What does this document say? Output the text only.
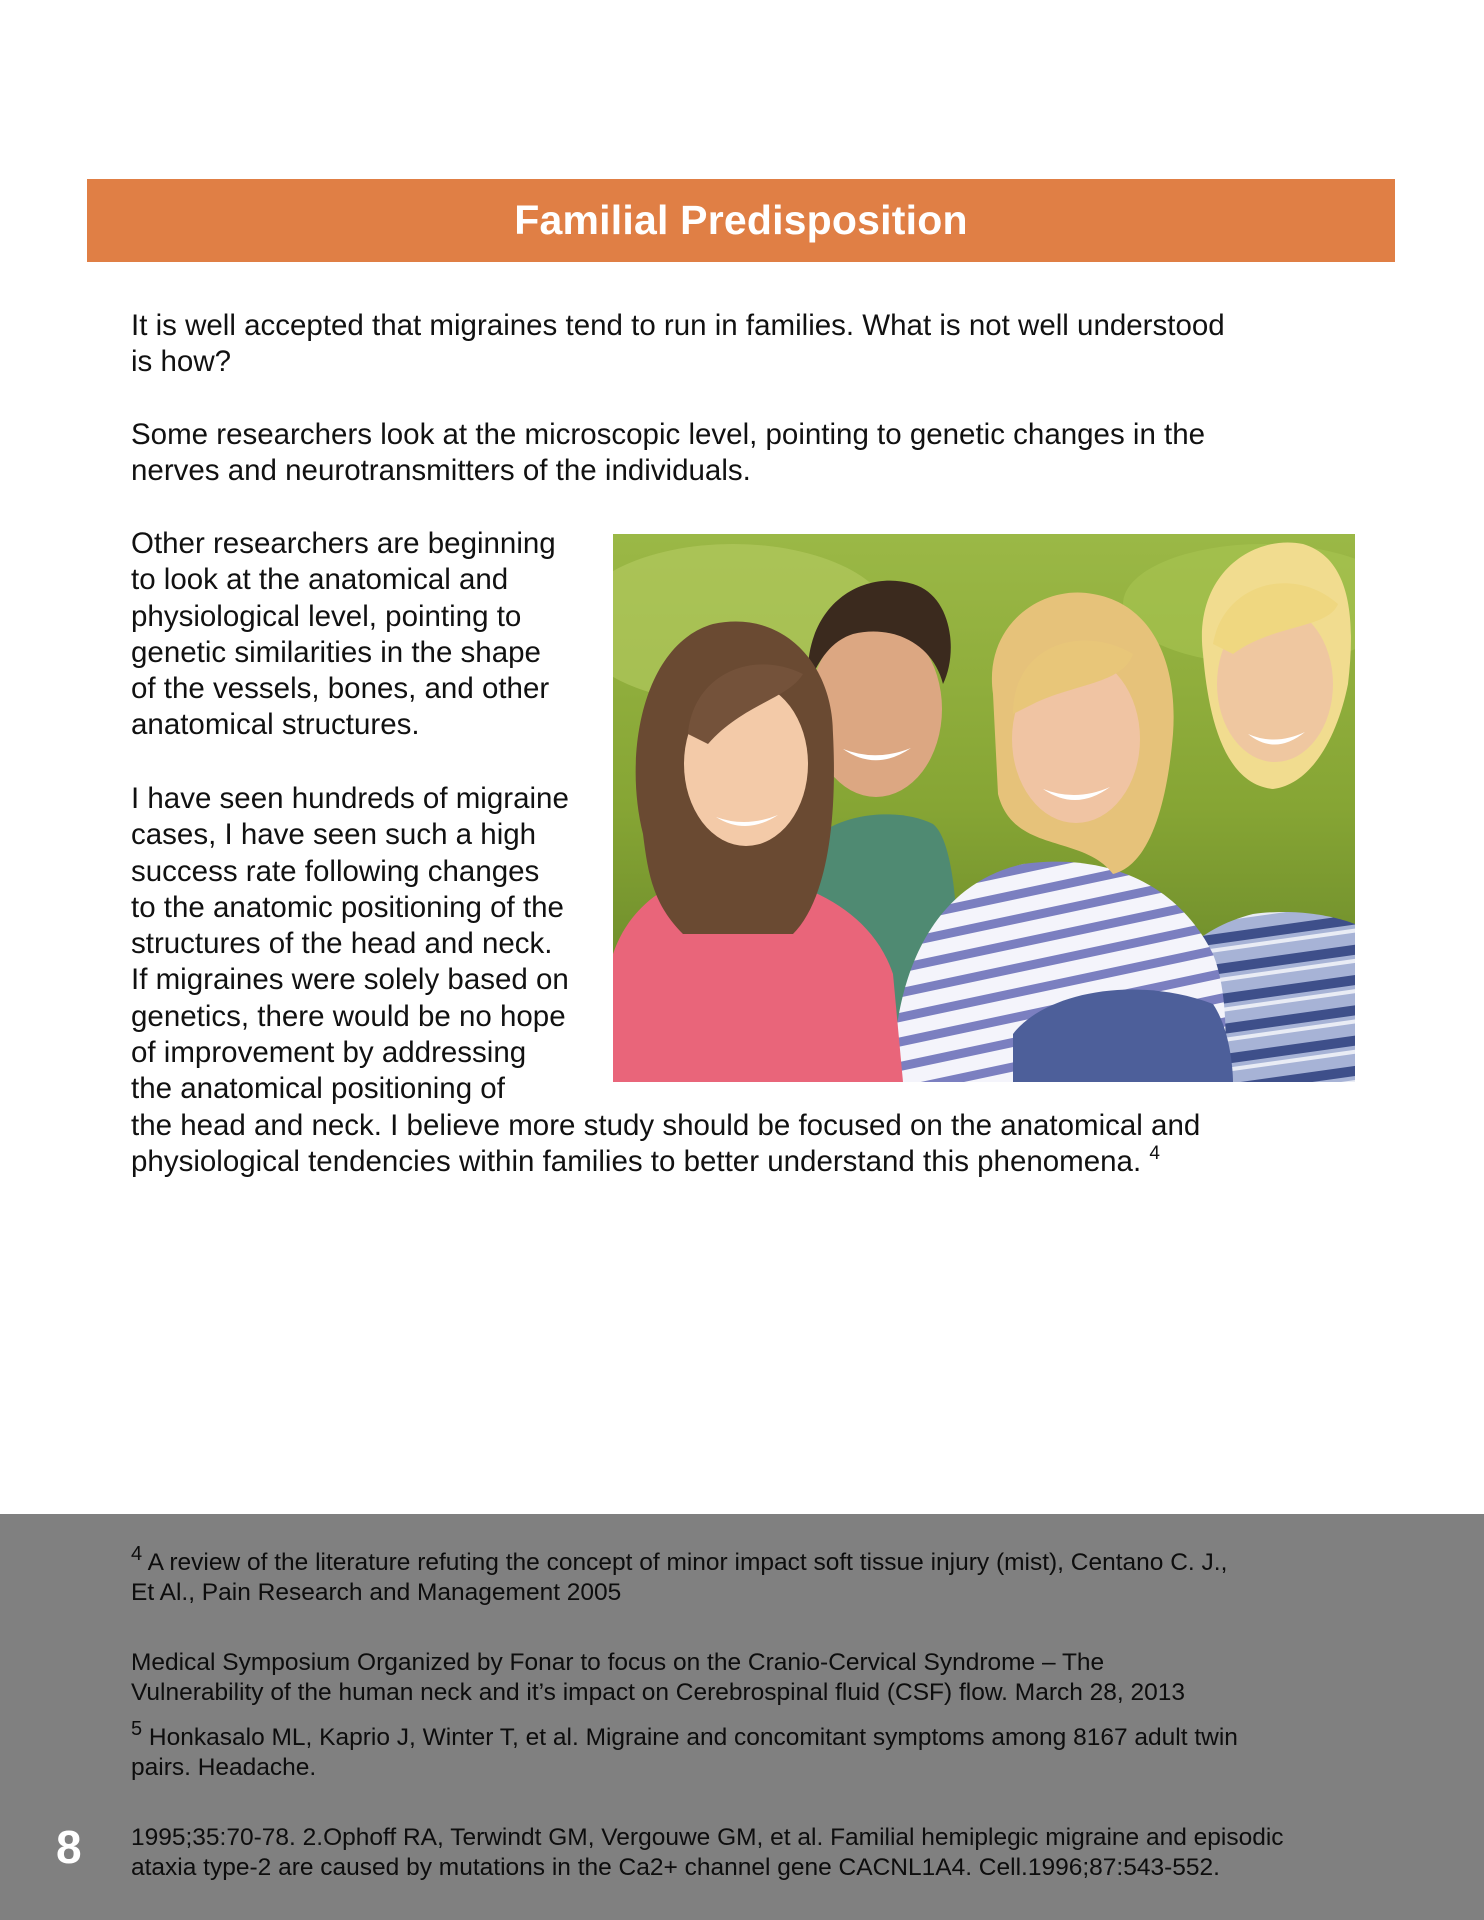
Familial Predisposition

It is well accepted that migraines tend to run in families. What is not well understood
is how?

Some researchers look at the microscopic level, pointing to genetic changes in the
nerves and neurotransmitters of the individuals.

Other researchers are beginning
to look at the anatomical and
physiological level, pointing to
genetic similarities in the shape
of the vessels, bones, and other
anatomical structures.

I have seen hundreds of migraine
cases, I have seen such a high
success rate following changes
to the anatomic positioning of the
structures of the head and neck.
If migraines were solely based on
genetics, there would be no hope
of improvement by addressing
the anatomical positioning of
the head and neck. I believe more study should be focused on the anatomical and
physiological tendencies within families to better understand this phenomena. $^4$

$^4$ A review of the literature refuting the concept of minor impact soft tissue injury (mist), Centano C. J.,
Et Al., Pain Research and Management 2005

Medical Symposium Organized by Fonar to focus on the Cranio-Cervical Syndrome – The
Vulnerability of the human neck and it’s impact on Cerebrospinal fluid (CSF) flow. March 28, 2013

$^5$ Honkasalo ML, Kaprio J, Winter T, et al. Migraine and concomitant symptoms among 8167 adult twin
pairs. Headache.

1995;35:70-78. 2.Ophoff RA, Terwindt GM, Vergouwe GM, et al. Familial hemiplegic migraine and episodic
ataxia type-2 are caused by mutations in the Ca2+ channel gene CACNL1A4. Cell.1996;87:543-552.

8
